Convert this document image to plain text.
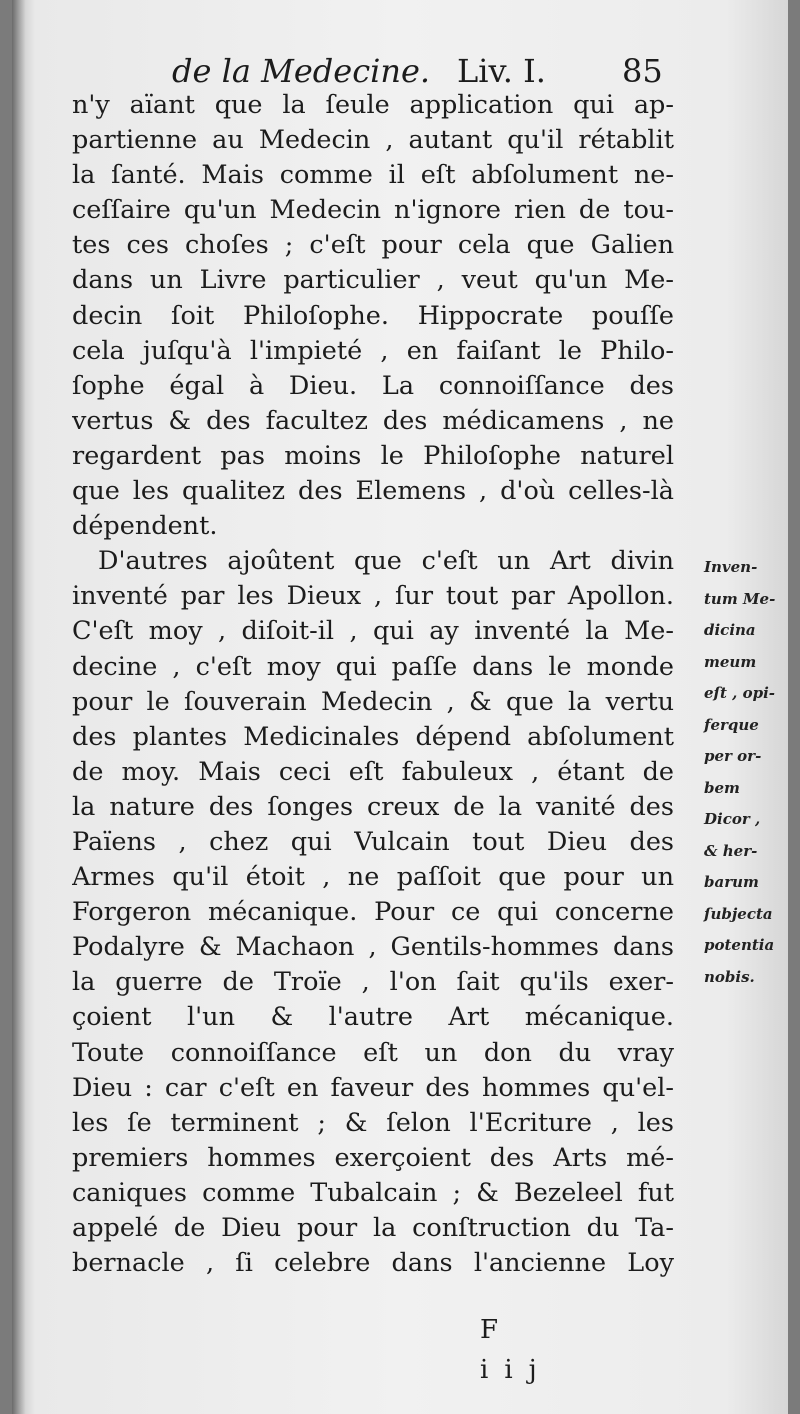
de la Medecine. Liv. I. 85
n'y aïant que la ſeule application qui ap-
partienne au Medecin , autant qu'il rétablit
la ſanté. Mais comme il eſt abſolument ne-
ceſſaire qu'un Medecin n'ignore rien de tou-
tes ces choſes ; c'eſt pour cela que Galien
dans un Livre particulier , veut qu'un Me-
decin ſoit Philoſophe. Hippocrate pouſſe
cela juſqu'à l'impieté , en faiſant le Philo-
ſophe égal à Dieu. La connoiſſance des
vertus & des facultez des médicamens , ne
regardent pas moins le Philoſophe naturel
que les qualitez des Elemens , d'où celles-là
dépendent.
D'autres ajoûtent que c'eſt un Art divin
inventé par les Dieux , ſur tout par Apollon.
C'eſt moy , diſoit-il , qui ay inventé la Me-
decine , c'eſt moy qui paſſe dans le monde
pour le ſouverain Medecin , & que la vertu
des plantes Medicinales dépend abſolument
de moy. Mais ceci eſt fabuleux , étant de
la nature des ſonges creux de la vanité des
Païens , chez qui Vulcain tout Dieu des
Armes qu'il étoit , ne paſſoit que pour un
Forgeron mécanique. Pour ce qui concerne
Podalyre & Machaon , Gentils-hommes dans
la guerre de Troïe , l'on ſait qu'ils exer-
çoient l'un & l'autre Art mécanique.
Toute connoiſſance eſt un don du vray
Dieu : car c'eſt en faveur des hommes qu'el-
les ſe terminent ; & ſelon l'Ecriture , les
premiers hommes exerçoient des Arts mé-
caniques comme Tubalcain ; & Bezeleel fut
appelé de Dieu pour la conſtruction du Ta-
bernacle , ſi celebre dans l'ancienne Loy
Inven-
tum Me-
dicina
meum
eſt , opi-
ferque
per or-
bem
Dicor ,
& her-
barum
ſubjecta
potentia
nobis.
F iij
